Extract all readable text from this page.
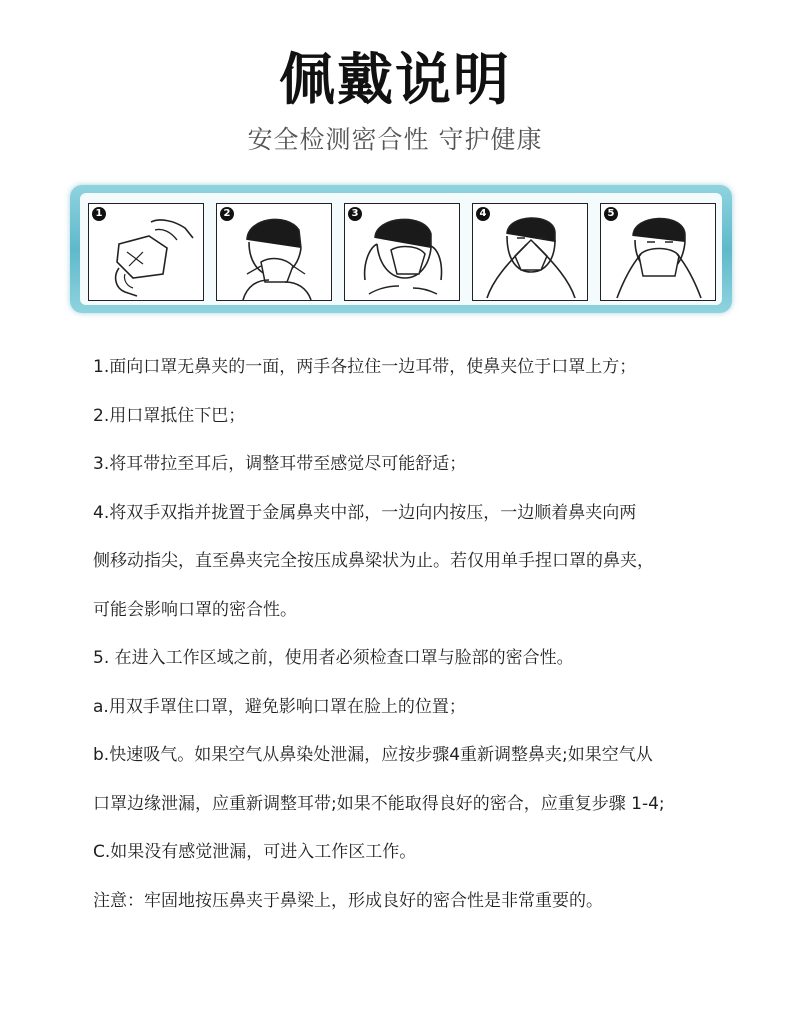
佩戴说明
安全检测密合性 守护健康
1	2	3	4	5

1.面向口罩无鼻夹的一面，两手各拉住一边耳带，使鼻夹位于口罩上方；

2.用口罩抵住下巴；

3.将耳带拉至耳后，调整耳带至感觉尽可能舒适；

4.将双手双指并拢置于金属鼻夹中部，一边向内按压，一边顺着鼻夹向两

侧移动指尖，直至鼻夹完全按压成鼻梁状为止。若仅用单手捏口罩的鼻夹，

可能会影响口罩的密合性。

5. 在进入工作区域之前，使用者必须检查口罩与脸部的密合性。

a.用双手罩住口罩，避免影响口罩在脸上的位置；

b.快速吸气。如果空气从鼻染处泄漏，应按步骤4重新调整鼻夹;如果空气从

口罩边缘泄漏，应重新调整耳带;如果不能取得良好的密合，应重复步骤 1-4;

C.如果没有感觉泄漏，可进入工作区工作。

注意：牢固地按压鼻夹于鼻梁上，形成良好的密合性是非常重要的。
